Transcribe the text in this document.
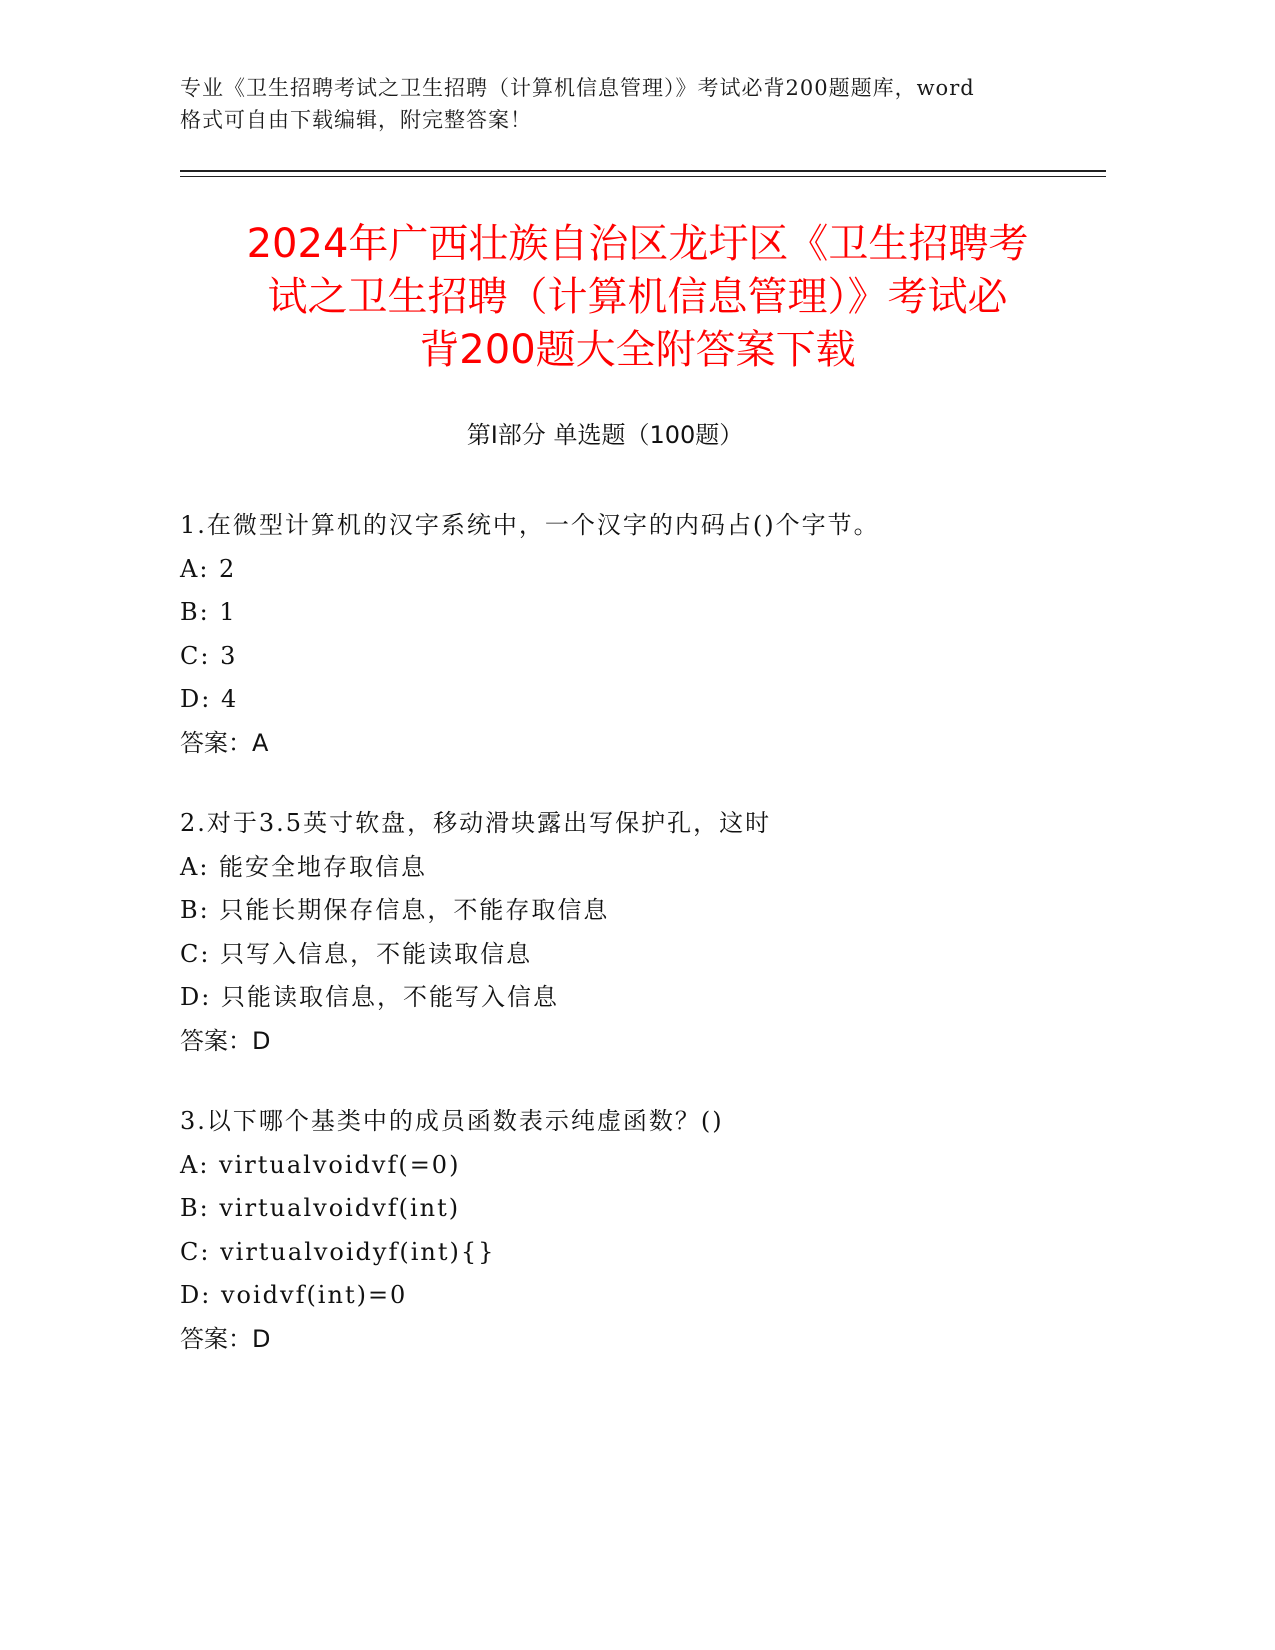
专业《卫生招聘考试之卫生招聘（计算机信息管理）》考试必背200题题库，word
格式可自由下载编辑，附完整答案！
2024年广西壮族自治区龙圩区《卫生招聘考
试之卫生招聘（计算机信息管理）》考试必
背200题大全附答案下载
第Ⅰ部分 单选题（100题）
1.在微型计算机的汉字系统中，一个汉字的内码占()个字节。
A: 2
B: 1
C: 3
D: 4
答案：A
2.对于3.5英寸软盘，移动滑块露出写保护孔，这时
A: 能安全地存取信息
B: 只能长期保存信息，不能存取信息
C: 只写入信息，不能读取信息
D: 只能读取信息，不能写入信息
答案：D
3.以下哪个基类中的成员函数表示纯虚函数？()
A: virtualvoidvf(=0)
B: virtualvoidvf(int)
C: virtualvoidyf(int){}
D: voidvf(int)=0
答案：D
